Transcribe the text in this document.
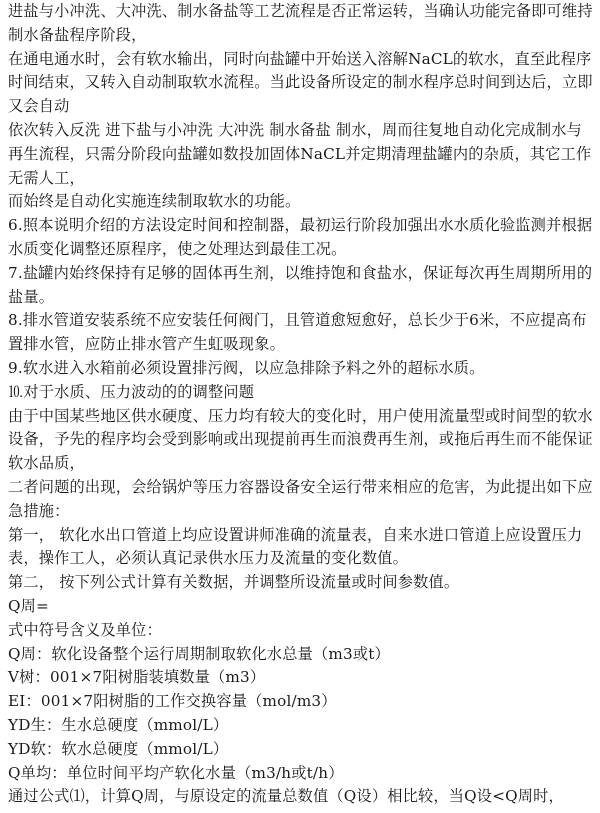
进盐与小冲洗、大冲洗、制水备盐等工艺流程是否正常运转，当确认功能完备即可维持制水备盐程序阶段，

在通电通水时，会有软水输出，同时向盐罐中开始送入溶解NaCL的软水，直至此程序时间结束，又转入自动制取软水流程。当此设备所设定的制水程序总时间到达后，立即又会自动

依次转入反洗 进下盐与小冲洗 大冲洗 制水备盐 制水，周而往复地自动化完成制水与再生流程，只需分阶段向盐罐如数投加固体NaCL并定期清理盐罐内的杂质，其它工作无需人工，

而始终是自动化实施连续制取软水的功能。

6.照本说明介绍的方法设定时间和控制器，最初运行阶段加强出水水质化验监测并根据水质变化调整还原程序，使之处理达到最佳工况。

7.盐罐内始终保持有足够的固体再生剂，以维持饱和食盐水，保证每次再生周期所用的盐量。

8.排水管道安装系统不应安装任何阀门，且管道愈短愈好，总长少于6米，不应提高布置排水管，应防止排水管产生虹吸现象。

9.软水进入水箱前必须设置排污阀，以应急排除予料之外的超标水质。

⒑对于水质、压力波动的的调整问题

由于中国某些地区供水硬度、压力均有较大的变化时，用户使用流量型或时间型的软水设备，予先的程序均会受到影响或出现提前再生而浪费再生剂，或拖后再生而不能保证软水品质，

二者问题的出现，会给锅炉等压力容器设备安全运行带来相应的危害，为此提出如下应急措施：

第一， 软化水出口管道上均应设置讲师准确的流量表，自来水进口管道上应设置压力表，操作工人，必须认真记录供水压力及流量的变化数值。

第二， 按下列公式计算有关数据，并调整所设流量或时间参数值。

Q周=

式中符号含义及单位：

Q周：软化设备整个运行周期制取软化水总量（m3或t）

V树：001×7阳树脂装填数量（m3）

EI：001×7阳树脂的工作交换容量（mol/m3）

YD生：生水总硬度（mmol/L）

YD软：软水总硬度（mmol/L）

Q单均：单位时间平均产软化水量（m3/h或t/h）

通过公式⑴，计算Q周，与原设定的流量总数值（Q设）相比较，当Q设<Q周时，
